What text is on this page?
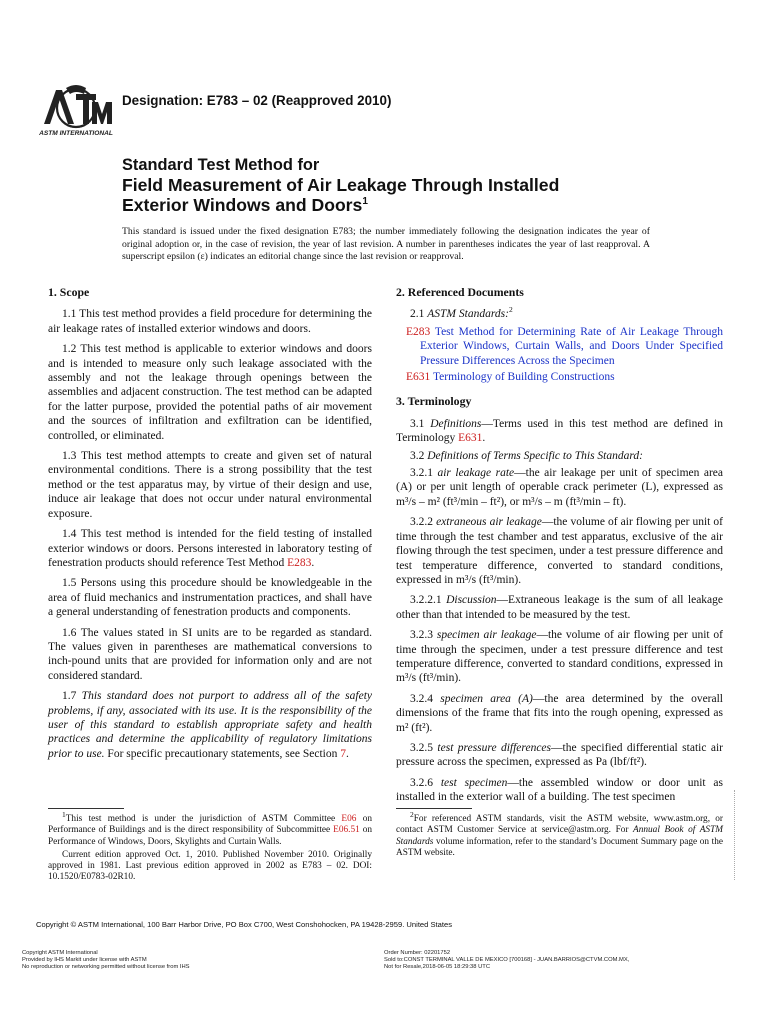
ASTM INTERNATIONAL
Designation: E783 – 02 (Reapproved 2010)
Standard Test Method for
Field Measurement of Air Leakage Through Installed
Exterior Windows and Doors$^1$
This standard is issued under the fixed designation E783; the number immediately following the designation indicates the year of original adoption or, in the case of revision, the year of last revision. A number in parentheses indicates the year of last reapproval. A superscript epsilon (ε) indicates an editorial change since the last revision or reapproval.
1. Scope
1.1 This test method provides a field procedure for determining the air leakage rates of installed exterior windows and doors.
1.2 This test method is applicable to exterior windows and doors and is intended to measure only such leakage associated with the assembly and not the leakage through openings between the assemblies and adjacent construction. The test method can be adapted for the latter purpose, provided the potential paths of air movement and the sources of infiltration and exfiltration can be identified, controlled, or eliminated.
1.3 This test method attempts to create and given set of natural environmental conditions. There is a strong possibility that the test method or the test apparatus may, by virtue of their design and use, induce air leakage that does not occur under natural environmental exposure.
1.4 This test method is intended for the field testing of installed exterior windows or doors. Persons interested in laboratory testing of fenestration products should reference Test Method E283.
1.5 Persons using this procedure should be knowledgeable in the area of fluid mechanics and instrumentation practices, and shall have a general understanding of fenestration products and components.
1.6 The values stated in SI units are to be regarded as standard. The values given in parentheses are mathematical conversions to inch-pound units that are provided for information only and are not considered standard.
1.7 This standard does not purport to address all of the safety problems, if any, associated with its use. It is the responsibility of the user of this standard to establish appropriate safety and health practices and determine the applicability of regulatory limitations prior to use. For specific precautionary statements, see Section 7.
2. Referenced Documents
2.1 ASTM Standards:$^2$
E283 Test Method for Determining Rate of Air Leakage Through Exterior Windows, Curtain Walls, and Doors Under Specified Pressure Differences Across the Specimen
E631 Terminology of Building Constructions
3. Terminology
3.1 Definitions—Terms used in this test method are defined in Terminology E631.
3.2 Definitions of Terms Specific to This Standard:
3.2.1 air leakage rate—the air leakage per unit of specimen area (A) or per unit length of operable crack perimeter (L), expressed as m³/s – m² (ft³/min – ft²), or m³/s – m (ft³/min – ft).
3.2.2 extraneous air leakage—the volume of air flowing per unit of time through the test chamber and test apparatus, exclusive of the air flowing through the test specimen, under a test pressure difference and test temperature difference, converted to standard conditions, expressed in m³/s (ft³/min).
3.2.2.1 Discussion—Extraneous leakage is the sum of all leakage other than that intended to be measured by the test.
3.2.3 specimen air leakage—the volume of air flowing per unit of time through the specimen, under a test pressure difference and test temperature difference, converted to standard conditions, expressed in m³/s (ft³/min).
3.2.4 specimen area (A)—the area determined by the overall dimensions of the frame that fits into the rough opening, expressed as m² (ft²).
3.2.5 test pressure differences—the specified differential static air pressure across the specimen, expressed as Pa (lbf/ft²).
3.2.6 test specimen—the assembled window or door unit as installed in the exterior wall of a building. The test specimen
$^1$This test method is under the jurisdiction of ASTM Committee E06 on Performance of Buildings and is the direct responsibility of Subcommittee E06.51 on Performance of Windows, Doors, Skylights and Curtain Walls.
Current edition approved Oct. 1, 2010. Published November 2010. Originally approved in 1981. Last previous edition approved in 2002 as E783 – 02. DOI: 10.1520/E0783-02R10.
$^2$For referenced ASTM standards, visit the ASTM website, www.astm.org, or contact ASTM Customer Service at service@astm.org. For Annual Book of ASTM Standards volume information, refer to the standard’s Document Summary page on the ASTM website.
Copyright © ASTM International, 100 Barr Harbor Drive, PO Box C700, West Conshohocken, PA 19428-2959. United States
Copyright ASTM International
Provided by IHS Markit under license with ASTM
No reproduction or networking permitted without license from IHS
Order Number: 02201752
Sold to:CONST TERMINAL VALLE DE MEXICO [700168] - JUAN.BARRIOS@CTVM.COM.MX,
Not for Resale,2018-06-05 18:29:38 UTC
